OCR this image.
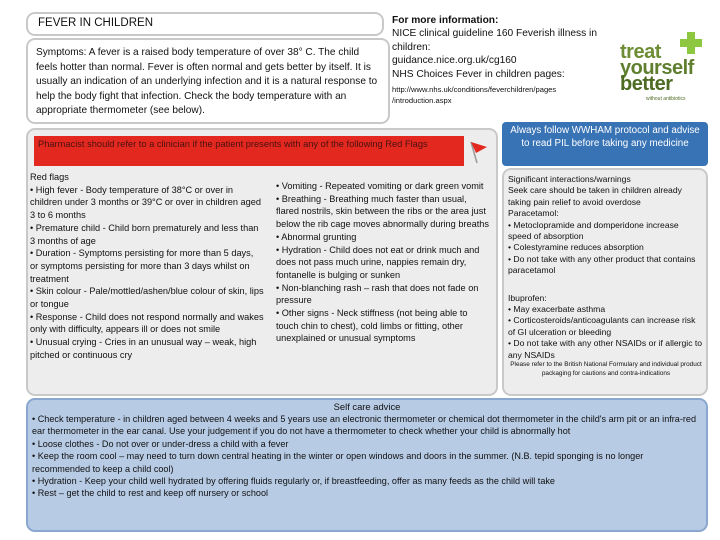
FEVER IN CHILDREN
Symptoms: A fever is a raised body temperature of over 38° C. The child feels hotter than normal. Fever is often normal and gets better by itself. It is usually an indication of an underlying infection and it is a natural response to help the body fight that infection. Check the body temperature with an appropriate thermometer (see below).
For more information:
NICE clinical guideline 160 Feverish illness in children:
guidance.nice.org.uk/cg160
NHS Choices Fever in children pages:
http://www.nhs.uk/conditions/feverchildren/pages /introduction.aspx
treat
yourself
better
without antibiotics
Pharmacist should refer to a clinician if the patient presents with any of the following Red Flags
Red flags
• High fever - Body temperature of 38°C or over in children under 3 months or 39°C or over in children aged 3 to 6 months
• Premature child - Child born prematurely and less than 3 months of age
• Duration - Symptoms persisting for more than 5 days, or symptoms persisting for more than 3 days whilst on treatment
• Skin colour - Pale/mottled/ashen/blue colour of skin, lips or tongue
• Response - Child does not respond normally and wakes only with difficulty, appears ill or does not smile
• Unusual crying - Cries in an unusual way – weak, high pitched or continuous cry
• Vomiting - Repeated vomiting or dark green vomit
• Breathing - Breathing much faster than usual, flared nostrils, skin between the ribs or the area just below the rib cage moves abnormally during breaths
• Abnormal grunting
• Hydration - Child does not eat or drink much and does not pass much urine, nappies remain dry, fontanelle is bulging or sunken
• Non-blanching rash – rash that does not fade on pressure
• Other signs - Neck stiffness (not being able to touch chin to chest), cold limbs or fitting, other unexplained or unusual symptoms
Always follow WWHAM protocol and advise to read PIL before taking any medicine
Significant interactions/warnings
Seek care should be taken in children already taking pain relief to avoid overdose
Paracetamol:
• Metoclopramide and domperidone increase speed of absorption
• Colestyramine reduces absorption
• Do not take with any other product that contains paracetamol
Ibuprofen:
• May exacerbate asthma
• Corticosteroids/anticoagulants can increase risk of GI ulceration or bleeding
• Do not take with any other NSAIDs or if allergic to any NSAIDs
Please refer to the British National Formulary and individual product packaging for cautions and contra-indications
Self care advice
• Check temperature - in children aged between 4 weeks and 5 years use an electronic thermometer or chemical dot thermometer in the child's arm pit or an infra-red ear thermometer in the ear canal. Use your judgement if you do not have a thermometer to check whether your child is abnormally hot
• Loose clothes - Do not over or under-dress a child with a fever
• Keep the room cool – may need to turn down central heating in the winter or open windows and doors in the summer. (N.B. tepid sponging is no longer recommended to keep a child cool)
• Hydration - Keep your child well hydrated by offering fluids regularly or, if breastfeeding, offer as many feeds as the child will take
• Rest – get the child to rest and keep off nursery or school
